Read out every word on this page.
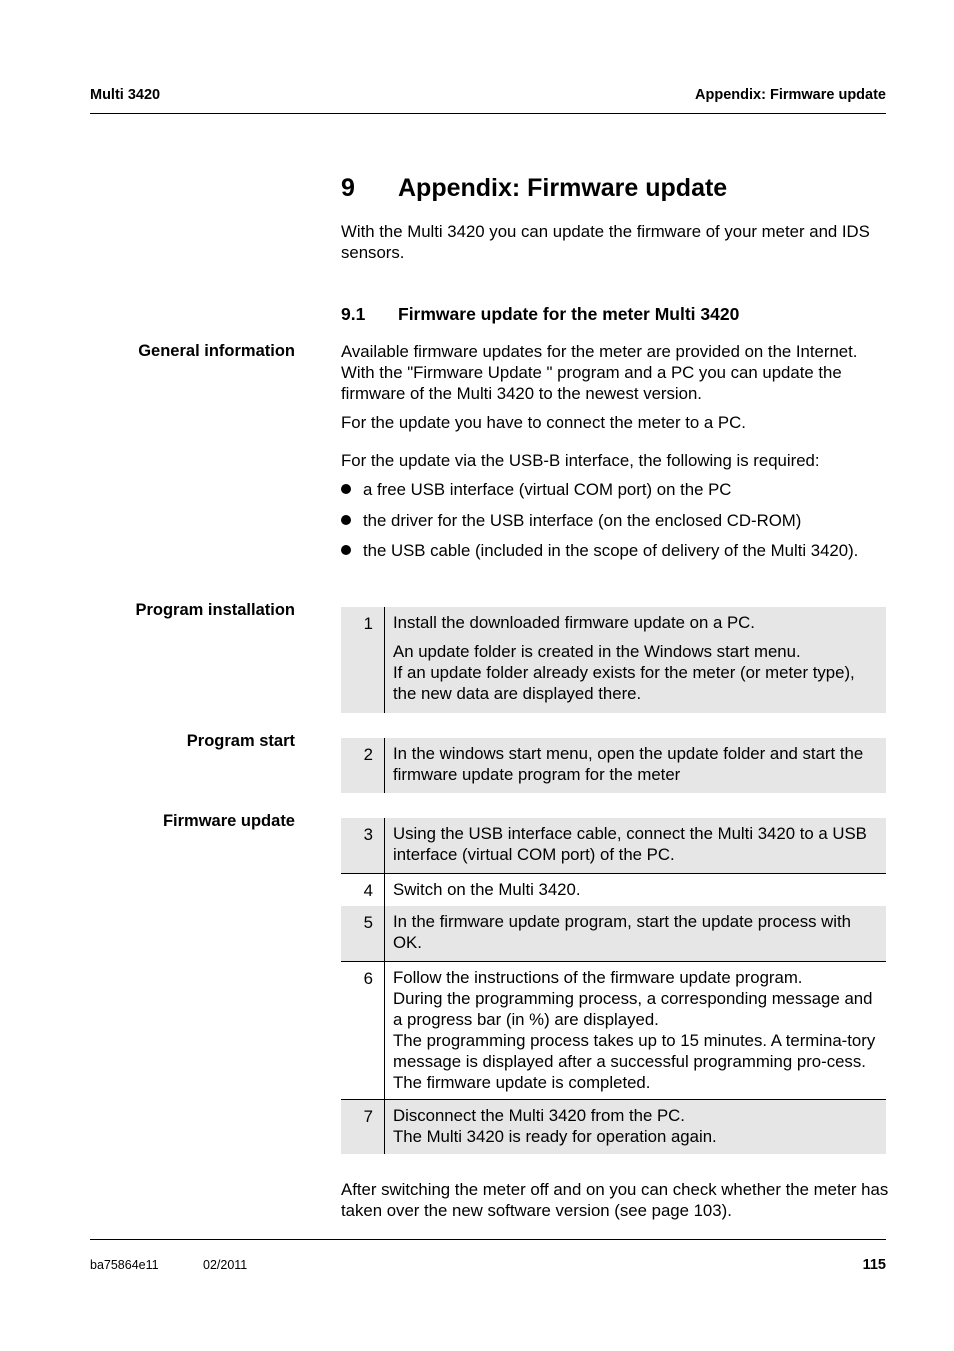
Multi 3420	Appendix: Firmware update
9 Appendix: Firmware update
With the Multi 3420 you can update the firmware of your meter and IDS sensors.
9.1 Firmware update for the meter Multi 3420
General information	Available firmware updates for the meter are provided on the Internet. With the "Firmware Update " program and a PC you can update the firmware of the Multi 3420 to the newest version.
For the update you have to connect the meter to a PC.
For the update via the USB-B interface, the following is required:
a free USB interface (virtual COM port) on the PC
the driver for the USB interface (on the enclosed CD-ROM)
the USB cable (included in the scope of delivery of the Multi 3420).
Program installation
1 Install the downloaded firmware update on a PC.

An update folder is created in the Windows start menu.
If an update folder already exists for the meter (or meter type), the new data are displayed there.

Program start
2 In the windows start menu, open the update folder and start the firmware update program for the meter

Firmware update
3 Using the USB interface cable, connect the Multi 3420 to a USB interface (virtual COM port) of the PC.

4 Switch on the Multi 3420.

5 In the firmware update program, start the update process with OK.

6 Follow the instructions of the firmware update program.
During the programming process, a corresponding message and a progress bar (in %) are displayed.
The programming process takes up to 15 minutes. A termina-tory message is displayed after a successful programming pro-cess. The firmware update is completed.

7 Disconnect the Multi 3420 from the PC.
The Multi 3420 is ready for operation again.

After switching the meter off and on you can check whether the meter has taken over the new software version (see page 103).
ba75864e11	02/2011	115
